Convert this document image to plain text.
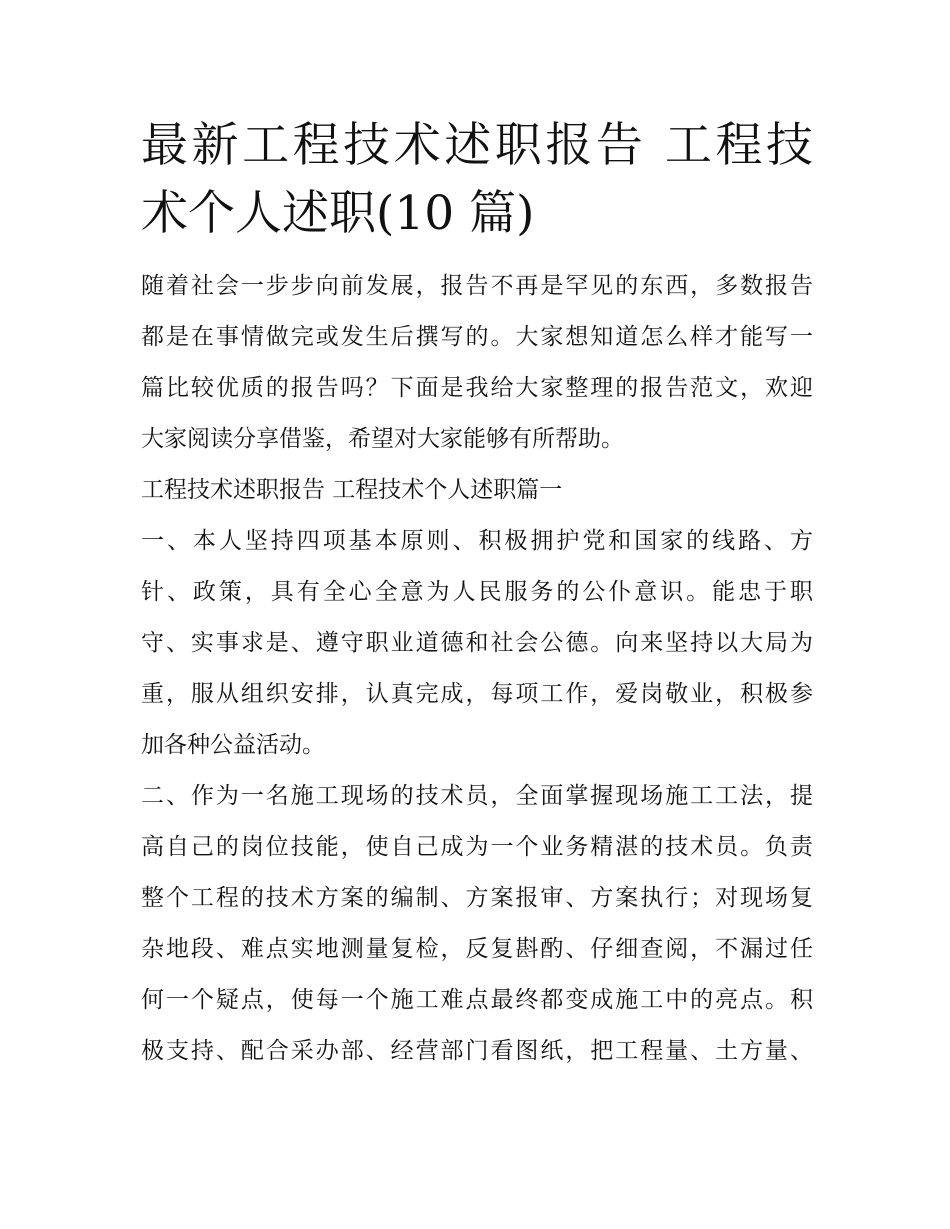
最新工程技术述职报告 工程技
术个人述职(10 篇)

随着社会一步步向前发展，报告不再是罕见的东西，多数报告
都是在事情做完或发生后撰写的。大家想知道怎么样才能写一
篇比较优质的报告吗？下面是我给大家整理的报告范文，欢迎
大家阅读分享借鉴，希望对大家能够有所帮助。

工程技术述职报告 工程技术个人述职篇一

一、本人坚持四项基本原则、积极拥护党和国家的线路、方
针、政策，具有全心全意为人民服务的公仆意识。能忠于职
守、实事求是、遵守职业道德和社会公德。向来坚持以大局为
重，服从组织安排，认真完成，每项工作，爱岗敬业，积极参
加各种公益活动。

二、作为一名施工现场的技术员，全面掌握现场施工工法，提
高自己的岗位技能，使自己成为一个业务精湛的技术员。负责
整个工程的技术方案的编制、方案报审、方案执行；对现场复
杂地段、难点实地测量复检，反复斟酌、仔细查阅，不漏过任
何一个疑点，使每一个施工难点最终都变成施工中的亮点。积
极支持、配合采办部、经营部门看图纸，把工程量、土方量、
